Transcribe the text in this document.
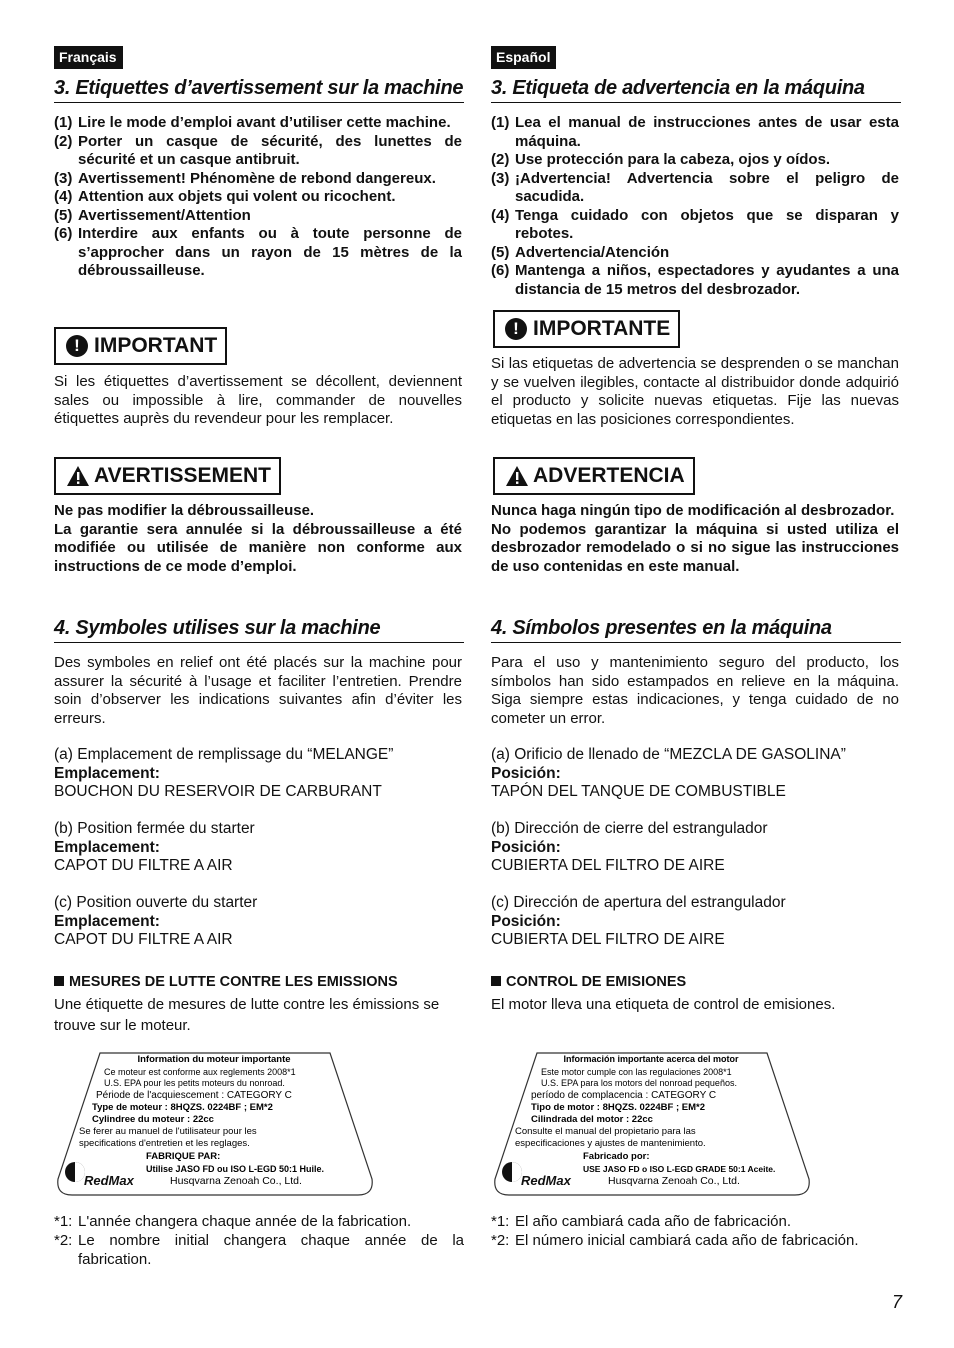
Français
3. Etiquettes d’avertissement sur la machine
(1) Lire le mode d’emploi avant d’utiliser cette machine.
(2) Porter un casque de sécurité, des lunettes de sécurité et un casque antibruit.
(3) Avertissement! Phénomène de rebond dangereux.
(4) Attention aux objets qui volent ou ricochent.
(5) Avertissement/Attention
(6) Interdire aux enfants ou à toute personne de s’approcher dans un rayon de 15 mètres de la débroussailleuse.
! IMPORTANT

Si les étiquettes d’avertissement se décollent, deviennent sales ou impossible à lire, commander de nouvelles étiquettes auprès du revendeur pour les remplacer.

AVERTISSEMENT

Ne pas modifier la débroussailleuse.
La garantie sera annulée si la débroussailleuse a été modifiée ou utilisée de manière non conforme aux instructions de ce mode d’emploi.

4. Symboles utilises sur la machine

Des symboles en relief ont été placés sur la machine pour assurer la sécurité à l’usage et faciliter l’entretien. Prendre soin d’observer les indications suivantes afin d’éviter les erreurs.

(a) Emplacement de remplissage du “MELANGE”
Emplacement:
BOUCHON DU RESERVOIR DE CARBURANT
(b) Position fermée du starter
Emplacement:
CAPOT DU FILTRE A AIR
(c) Position ouverte du starter
Emplacement:
CAPOT DU FILTRE A AIR
MESURES DE LUTTE CONTRE LES EMISSIONS
Une étiquette de mesures de lutte contre les émissions se trouve sur le moteur.
Information du moteur importante
Ce moteur est conforme aux reglements 2008*1
U.S. EPA pour les petits moteurs du nonroad.
Période de l'acquiescement : CATEGORY C
Type de moteur : 8HQZS. 0224BF ; EM*2
Cylindree du moteur : 22cc
Se ferer au manuel de l'utilisateur pour les
specifications d'entretien et les reglages.
FABRIQUE PAR:
Utilise JASO FD ou ISO L-EGD 50:1 Huile.
Husqvarna Zenoah Co., Ltd.
RedMax
*1: L'année changera chaque année de la fabrication.
*2: Le nombre initial changera chaque année de la fabrication.
Español
3. Etiqueta de advertencia en la máquina
(1) Lea el manual de instrucciones antes de usar esta máquina.
(2) Use protección para la cabeza, ojos y oídos.
(3) ¡Advertencia! Advertencia sobre el peligro de sacudida.
(4) Tenga cuidado con objetos que se disparan y rebotes.
(5) Advertencia/Atención
(6) Mantenga a niños, espectadores y ayudantes a una distancia de 15 metros del desbrozador.
! IMPORTANTE

Si las etiquetas de advertencia se desprenden o se manchan y se vuelven ilegibles, contacte al distribuidor donde adquirió el producto y solicite nuevas etiquetas. Fije las nuevas etiquetas en las posiciones correspondientes.

ADVERTENCIA

Nunca haga ningún tipo de modificación al desbrozador.
No podemos garantizar la máquina si usted utiliza el desbrozador remodelado o si no sigue las instrucciones de uso contenidas en este manual.

4. Símbolos presentes en la máquina

Para el uso y mantenimiento seguro del producto, los símbolos han sido estampados en relieve en la máquina. Siga siempre estas indicaciones, y tenga cuidado de no cometer un error.

(a) Orificio de llenado de “MEZCLA DE GASOLINA”
Posición:
TAPÓN DEL TANQUE DE COMBUSTIBLE
(b) Dirección de cierre del estrangulador
Posición:
CUBIERTA DEL FILTRO DE AIRE
(c) Dirección de apertura del estrangulador
Posición:
CUBIERTA DEL FILTRO DE AIRE
CONTROL DE EMISIONES
El motor lleva una etiqueta de control de emisiones.
Información importante acerca del motor
Este motor cumple con las regulaciones 2008*1
U.S. EPA para los motors del nonroad pequeños.
período de complacencia : CATEGORY C
Tipo de motor : 8HQZS. 0224BF ; EM*2
Cilindrada del motor : 22cc
Consulte el manual del propietario para las
especificaciones y ajustes de mantenimiento.
Fabricado por:
USE JASO FD o ISO L-EGD GRADE 50:1 Aceite.
Husqvarna Zenoah Co., Ltd.
RedMax
*1: El año cambiará cada año de fabricación.
*2: El número inicial cambiará cada año de fabricación.
7
